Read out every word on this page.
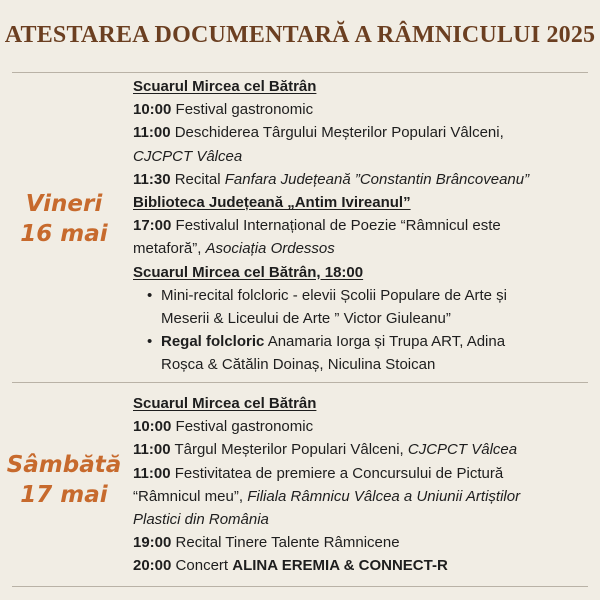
ATESTAREA DOCUMENTARĂ A RÂMNICULUI 2025
Vineri
16 mai
Scuarul Mircea cel Bătrân
10:00 Festival gastronomic
11:00 Deschiderea Târgului Meșterilor Populari Vâlceni,
CJCPCT Vâlcea
11:30 Recital Fanfara Județeană ”Constantin Brâncoveanu”
Biblioteca Județeană „Antim Ivireanul”
17:00 Festivalul Internațional de Poezie “Râmnicul este
metaforă”, Asociația Ordessos
Scuarul Mircea cel Bătrân, 18:00
• Mini-recital folcloric - elevii Școlii Populare de Arte și
Meserii & Liceului de Arte ” Victor Giuleanu”
• Regal folcloric Anamaria Iorga și Trupa ART, Adina
Roșca & Cătălin Doinaș, Niculina Stoican
Sâmbătă
17 mai
Scuarul Mircea cel Bătrân
10:00 Festival gastronomic
11:00 Târgul Meșterilor Populari Vâlceni, CJCPCT Vâlcea
11:00 Festivitatea de premiere a Concursului de Pictură
“Râmnicul meu”, Filiala Râmnicu Vâlcea a Uniunii Artiștilor
Plastici din România
19:00 Recital Tinere Talente Râmnicene
20:00 Concert ALINA EREMIA & CONNECT-R
